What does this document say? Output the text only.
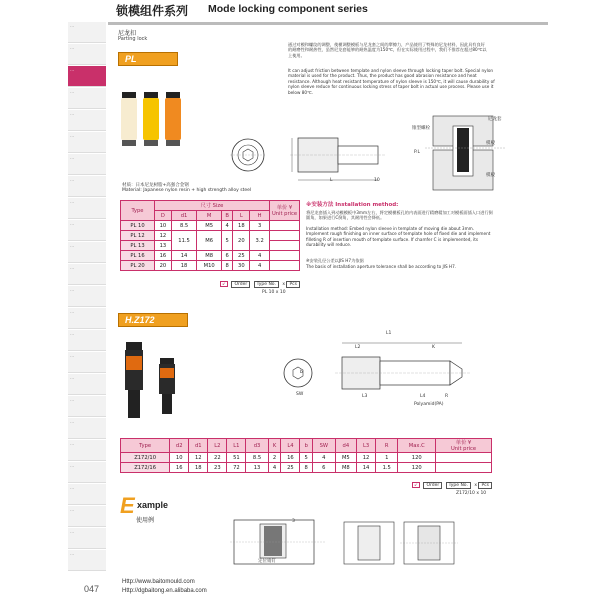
锁模组件系列 Mode locking component series
...
...
...
...
...
...
...
...
...
...
...
...
...
...
...
...
...
...
...
...
...
...
...
...
...
047
尼龙扣
Parting lock
PL
通过对模和螺纹的调整，使模调整模板与尼龙套之间的摩擦力，产品使用了特殊的尼龙材料，因此具有良好的耐磨性和耐热性，虽然尼龙套能够的耐热温度为150℃，但在实际使用过程中，我们不推荐在超过80℃以上使用。
It can adjust friction between template and nylon sleeve through locking taper bolt. Special nylon material is used for the product. Thus, the product has good abrasion resistance and heat resistance. Although heat resistant temperature of nylon sleeve is 150℃, it will cause durability of nylon sleeve reduce for continuous locking stress of taper bolt in actual use process. Please use it below 80℃.
L	10
锥型螺栓
尼龙套
模板
P.L
模板
材质：日本尼龙树脂+高强合金钢
Material: Japanese nylon resin + high strength alloy steel
Type	尺寸 Size						单价 ¥
Unit price
	D	d1	M	B	L	H	
PL 10	10	8.5	M5	4	18	3	
PL 12	12	11.5	M6	5	20	3.2	
PL 13	13						
PL 16	16	14	M8	6	25	4	
PL 20	20	18	M10	8	30	4	
↙ Order Type No. x Pcs
PL 10 x 10
※安装方法 Installation method:
将尼龙套插入到动模模板中3mm左右，将定模模板孔的内表面进行精磨精加工对模板面插入口进行倒圆角，如果进行C倒角，其耐用性会降低。
Installation method: Embed nylon sleeve in template of moving die about 3mm. Implement rough finishing on inner surface of template hole of fixed die and implement filleting R of insertion mouth of template surface. If chamfer C is implemented, its durability will reduce.
※安装孔径公差以JIS H7为依据
The basis of installation aperture tolerance shall be according to JIS H7.
H.Z172
L1
L2	K
L3	L4	R
SW
b
Polyamid(PA)
Type	d2	d1	L2	L1	d3	K	L4	b	SW	d4	L3	R	Max.C	单价 ¥
Unit price
Z172/10	10	12	22	51	8.5	2	16	5	4	M5	12	1	120	
Z172/16	16	18	23	72	13	4	25	8	6	M8	14	1.5	120	
↙ Order Type No. x Pcs
Z172/10 x 10
E xample
使用例	3
定位销钉
Http://www.baitomould.com
Http://dgbaitong.en.alibaba.com
